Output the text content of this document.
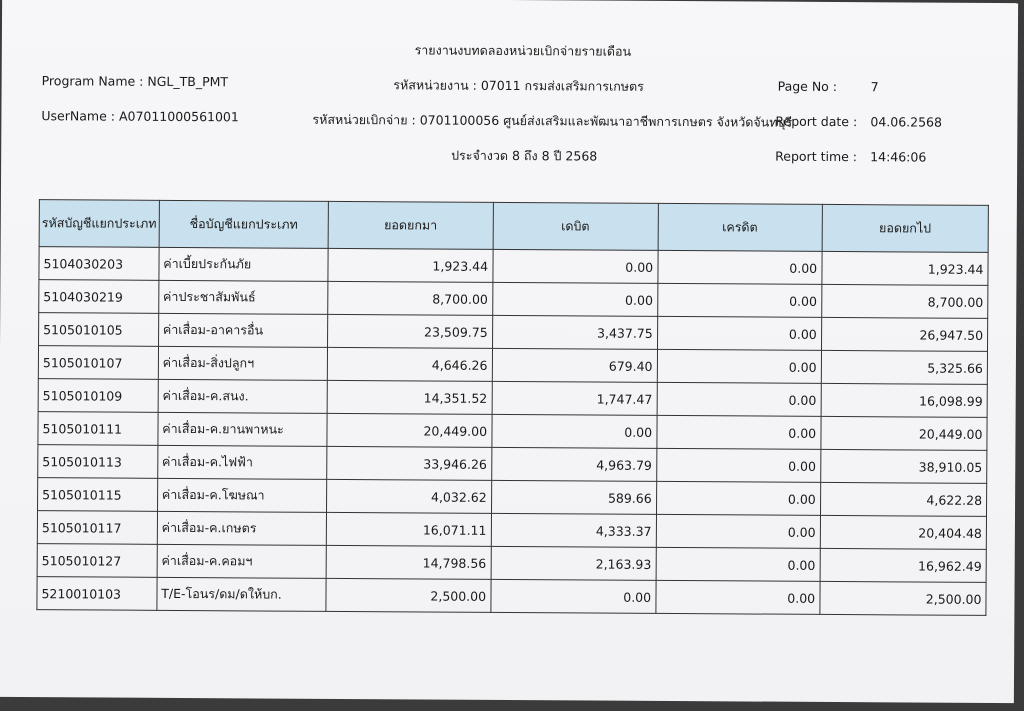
รายงานงบทดลองหน่วยเบิกจ่ายรายเดือน
Program Name : NGL_TB_PMT	รหัสหน่วยงาน : 07011 กรมส่งเสริมการเกษตร
UserName : A07011000561001	รหัสหน่วยเบิกจ่าย : 0701100056 ศูนย์ส่งเสริมและพัฒนาอาชีพการเกษตร จังหวัดจันทบุรี
ประจำงวด 8 ถึง 8 ปี 2568
Page No :	7
Report date : 04.06.2568
Report time : 14:46:06
รหัสบัญชีแยกประเภท	ชื่อบัญชีแยกประเภท	ยอดยกมา	เดบิต	เครดิต	ยอดยกไป
5104030203	ค่าเบี้ยประกันภัย	1,923.44	0.00	0.00	1,923.44
5104030219	ค่าประชาสัมพันธ์	8,700.00	0.00	0.00	8,700.00
5105010105	ค่าเสื่อม-อาคารอื่น	23,509.75	3,437.75	0.00	26,947.50
5105010107	ค่าเสื่อม-สิ่งปลูกฯ	4,646.26	679.40	0.00	5,325.66
5105010109	ค่าเสื่อม-ค.สนง.	14,351.52	1,747.47	0.00	16,098.99
5105010111	ค่าเสื่อม-ค.ยานพาหนะ	20,449.00	0.00	0.00	20,449.00
5105010113	ค่าเสื่อม-ค.ไฟฟ้า	33,946.26	4,963.79	0.00	38,910.05
5105010115	ค่าเสื่อม-ค.โฆษณา	4,032.62	589.66	0.00	4,622.28
5105010117	ค่าเสื่อม-ค.เกษตร	16,071.11	4,333.37	0.00	20,404.48
5105010127	ค่าเสื่อม-ค.คอมฯ	14,798.56	2,163.93	0.00	16,962.49
5210010103	T/E-โอนร/ดม/ดให้บก.	2,500.00	0.00	0.00	2,500.00
